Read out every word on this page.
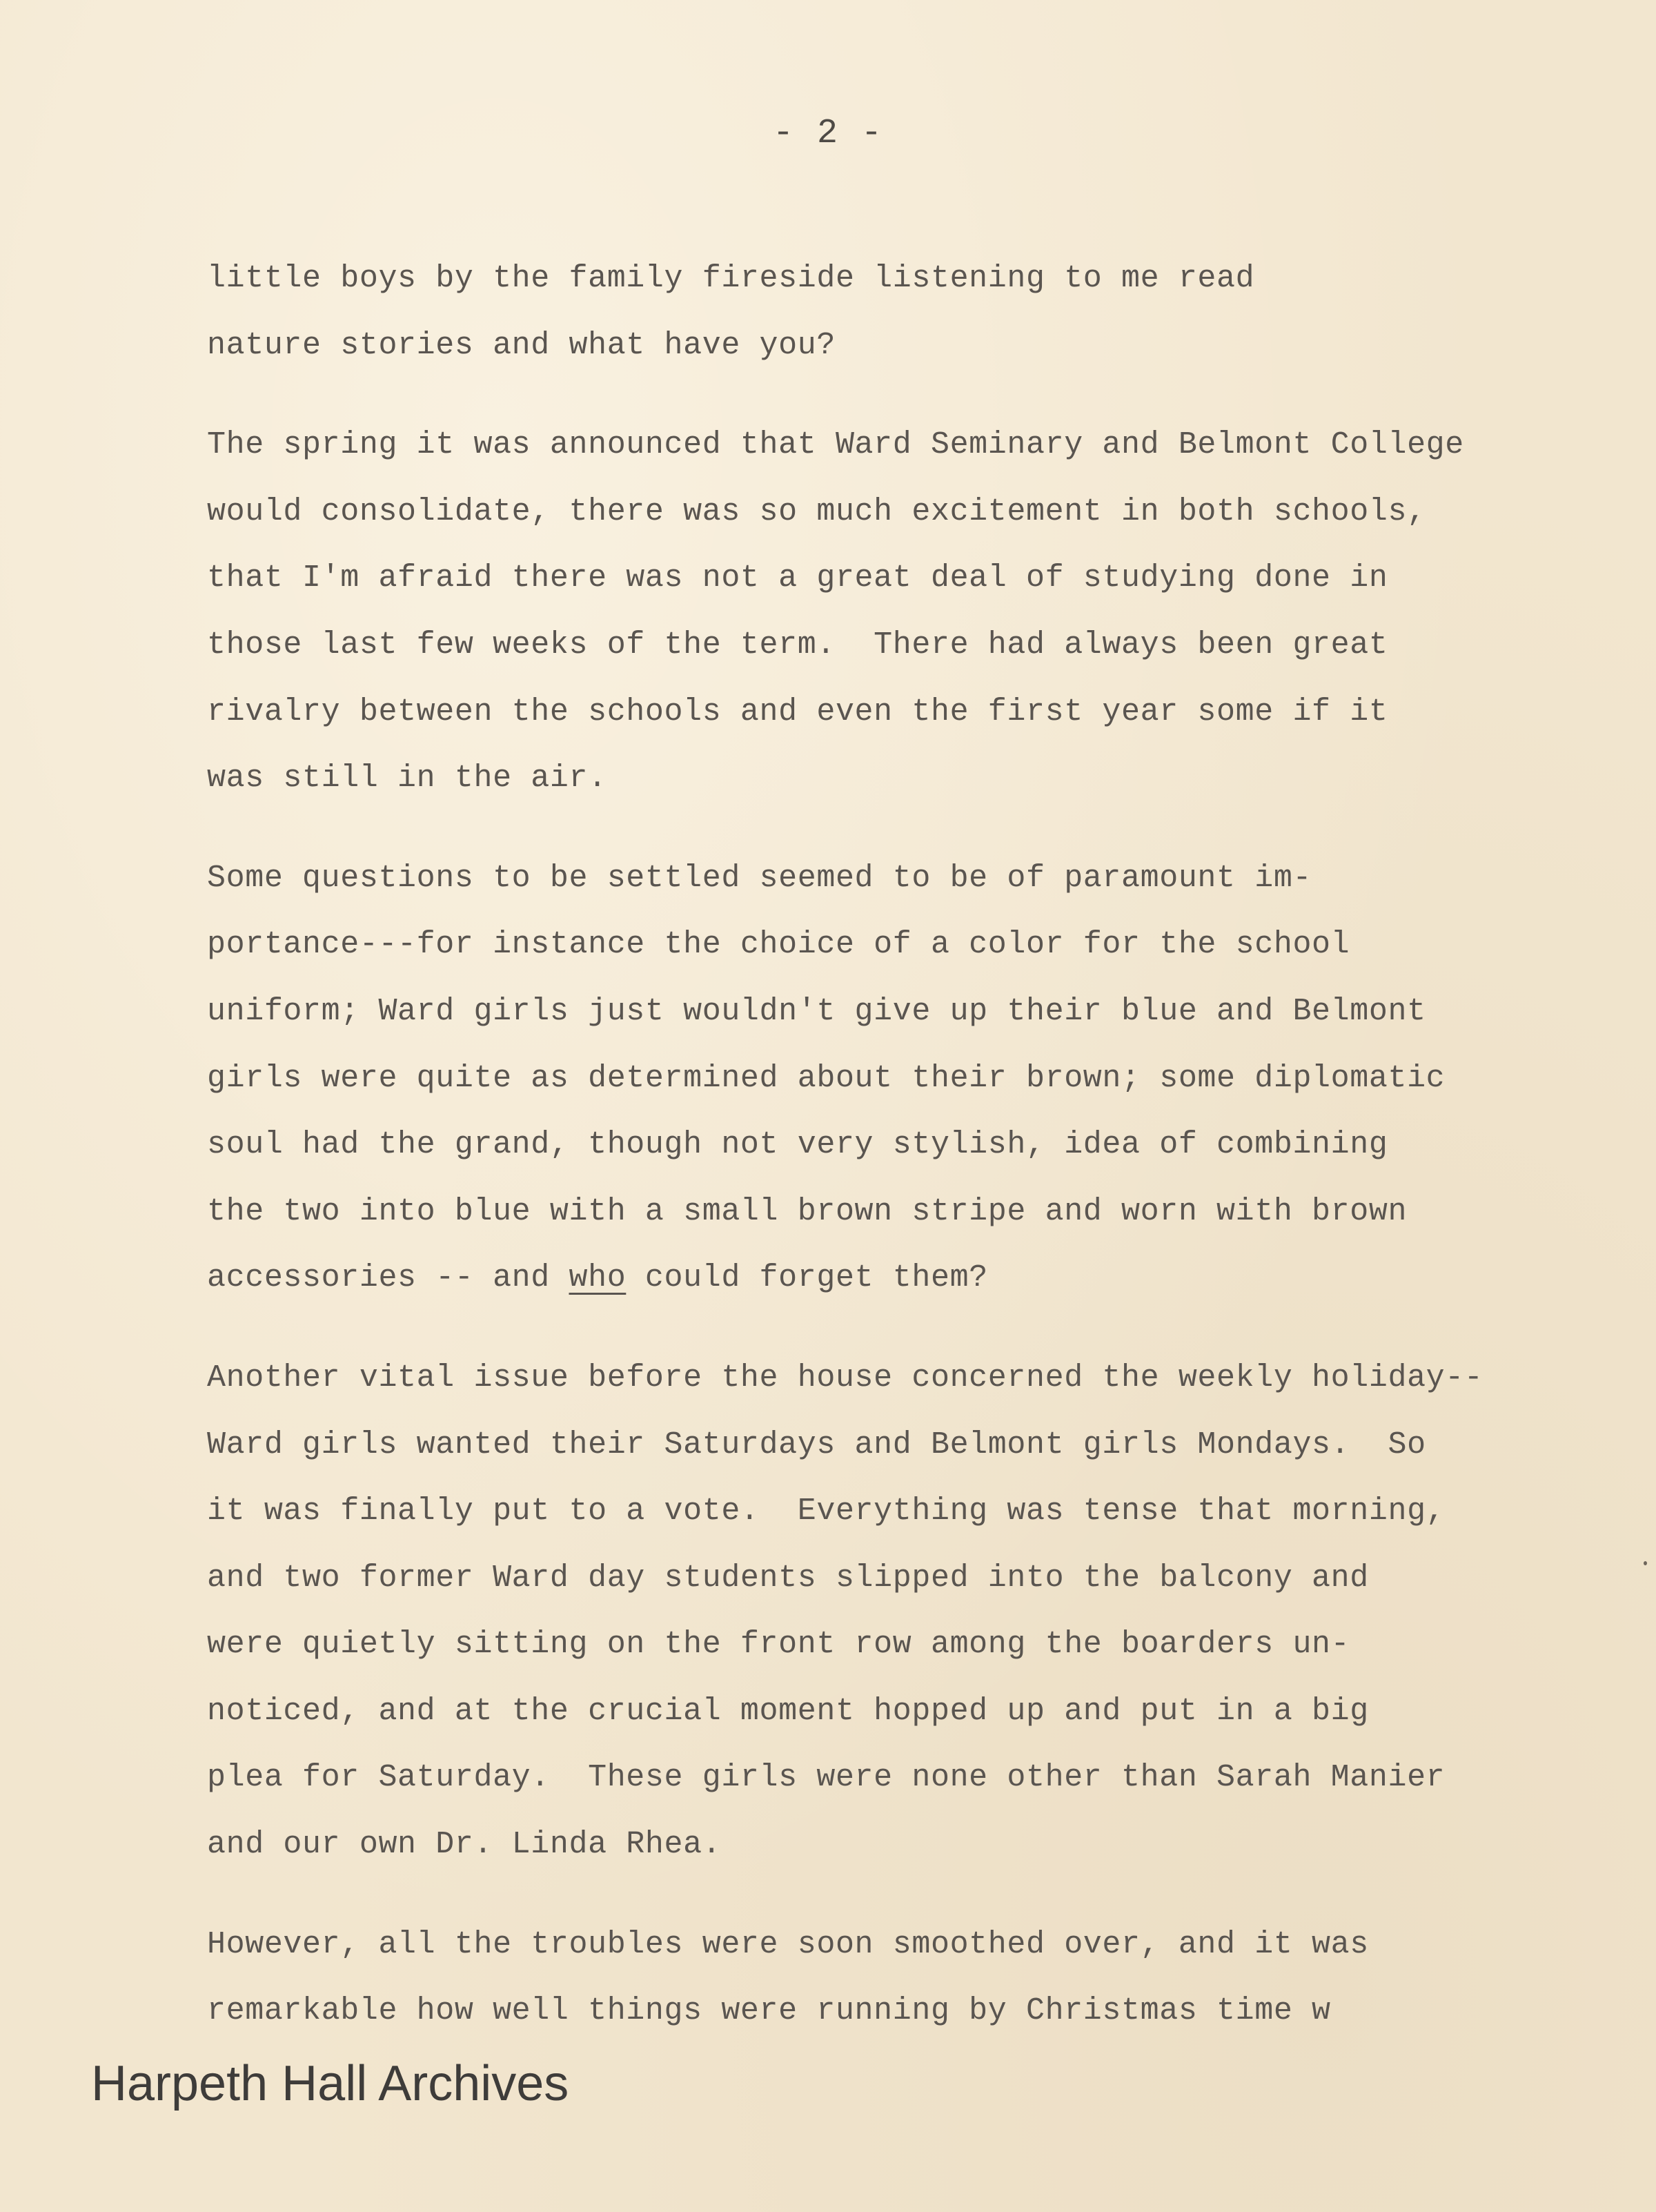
- 2 -
little boys by the family fireside listening to me read
nature stories and what have you?
The spring it was announced that Ward Seminary and Belmont College
would consolidate, there was so much excitement in both schools,
that I'm afraid there was not a great deal of studying done in
those last few weeks of the term.  There had always been great
rivalry between the schools and even the first year some if it
was still in the air.
Some questions to be settled seemed to be of paramount im-
portance---for instance the choice of a color for the school
uniform; Ward girls just wouldn't give up their blue and Belmont
girls were quite as determined about their brown; some diplomatic
soul had the grand, though not very stylish, idea of combining
the two into blue with a small brown stripe and worn with brown
accessories -- and who could forget them?
Another vital issue before the house concerned the weekly holiday--
Ward girls wanted their Saturdays and Belmont girls Mondays.  So
it was finally put to a vote.  Everything was tense that morning,
and two former Ward day students slipped into the balcony and
were quietly sitting on the front row among the boarders un-
noticed, and at the crucial moment hopped up and put in a big
plea for Saturday.  These girls were none other than Sarah Manier
and our own Dr. Linda Rhea.
However, all the troubles were soon smoothed over, and it was
remarkable how well things were running by Christmas time w
Harpeth Hall Archives
